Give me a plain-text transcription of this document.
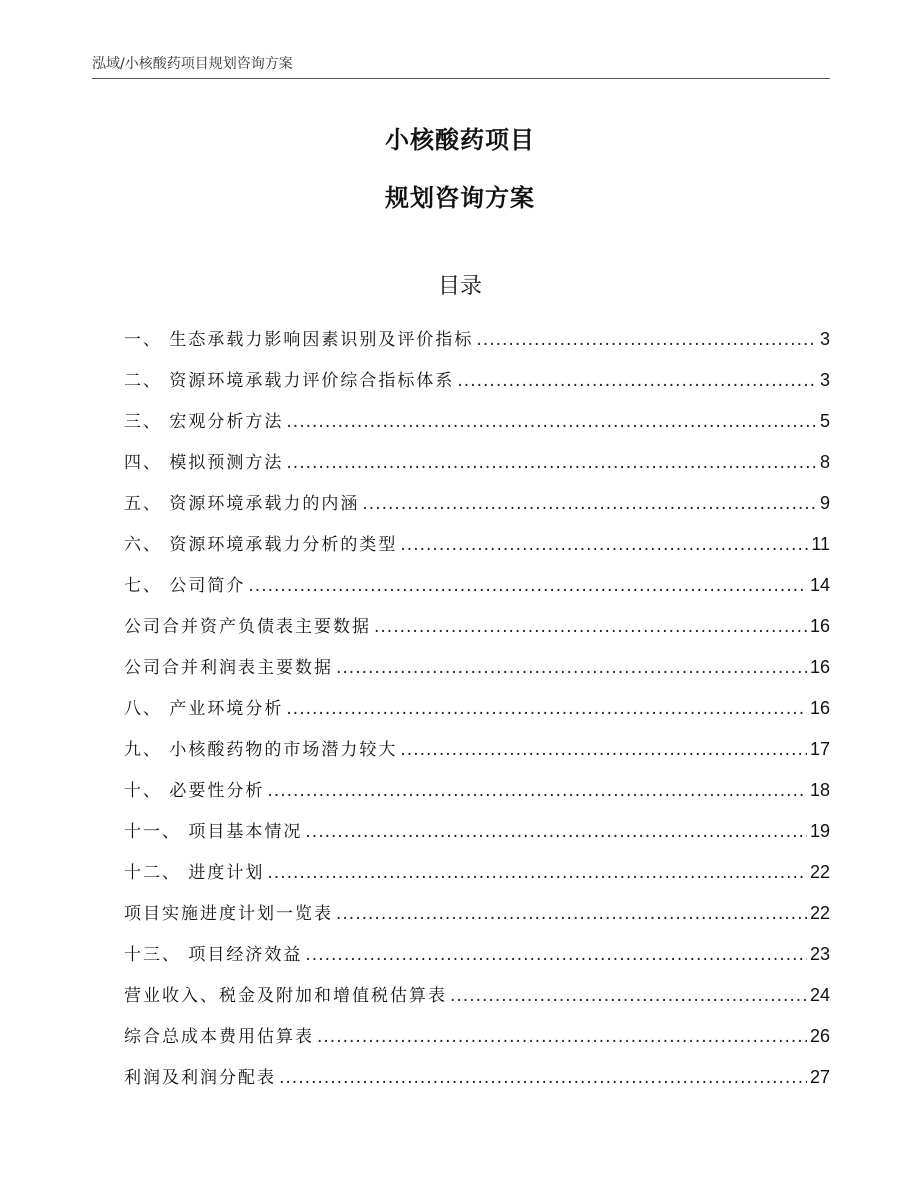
泓域/小核酸药项目规划咨询方案
小核酸药项目
规划咨询方案
目录
一、 生态承载力影响因素识别及评价指标 .....	3
二、 资源环境承载力评价综合指标体系 .....	3
三、 宏观分析方法 .....	5
四、 模拟预测方法 .....	8
五、 资源环境承载力的内涵 .....	9
六、 资源环境承载力分析的类型 .....	11
七、 公司简介 .....	14
公司合并资产负债表主要数据 .....	16
公司合并利润表主要数据 .....	16
八、 产业环境分析 .....	16
九、 小核酸药物的市场潜力较大 .....	17
十、 必要性分析 .....	18
十一、 项目基本情况 .....	19
十二、 进度计划 .....	22
项目实施进度计划一览表 .....	22
十三、 项目经济效益 .....	23
营业收入、税金及附加和增值税估算表 .....	24
综合总成本费用估算表 .....	26
利润及利润分配表 .....	27
